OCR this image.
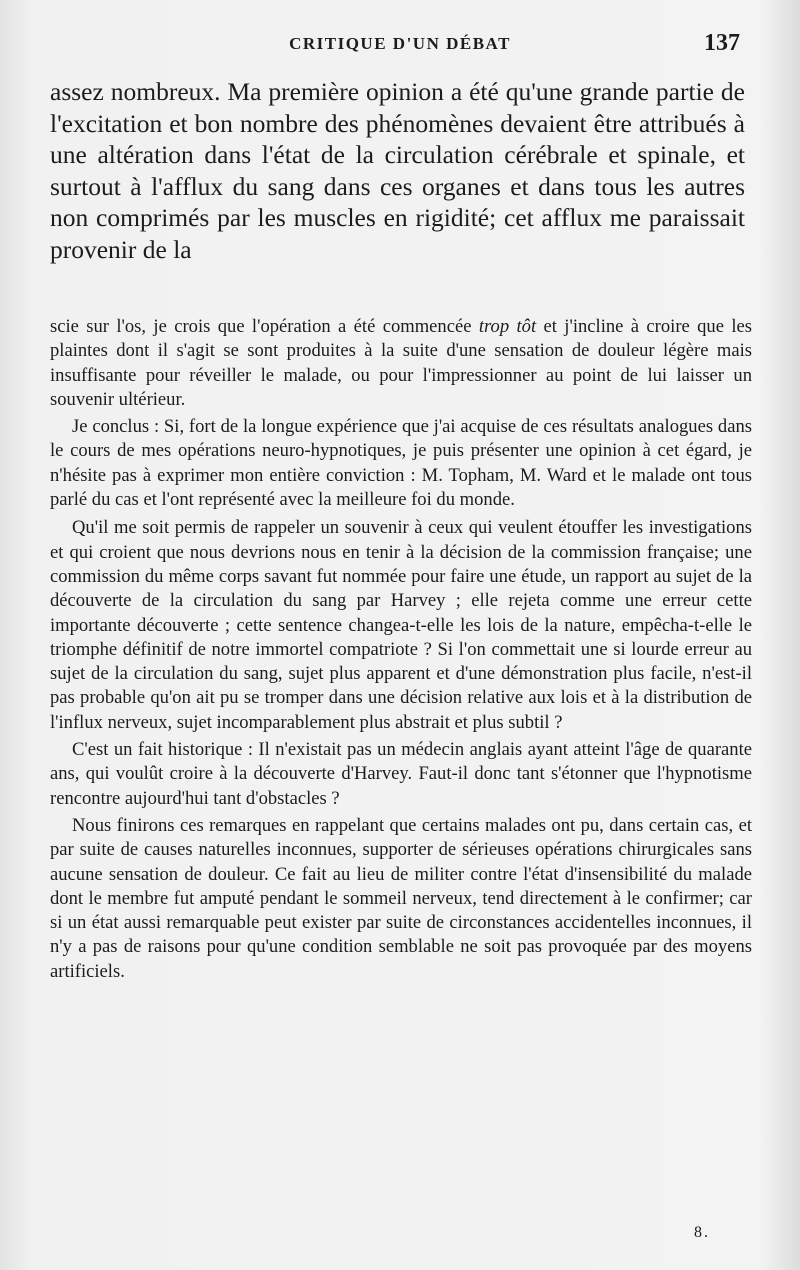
CRITIQUE D'UN DÉBAT	137

assez nombreux. Ma première opinion a été qu'une grande partie de l'excitation et bon nombre des phénomènes devaient être attribués à une altération dans l'état de la circulation cérébrale et spinale, et surtout à l'afflux du sang dans ces organes et dans tous les autres non comprimés par les muscles en rigidité; cet afflux me paraissait provenir de la

scie sur l'os, je crois que l'opération a été commencée trop tôt et j'incline à croire que les plaintes dont il s'agit se sont produites à la suite d'une sensation de douleur légère mais insuffisante pour réveiller le malade, ou pour l'impressionner au point de lui laisser un souvenir ultérieur.

Je conclus : Si, fort de la longue expérience que j'ai acquise de ces résultats analogues dans le cours de mes opérations neuro-hypnotiques, je puis présenter une opinion à cet égard, je n'hésite pas à exprimer mon entière conviction : M. Topham, M. Ward et le malade ont tous parlé du cas et l'ont représenté avec la meilleure foi du monde.

Qu'il me soit permis de rappeler un souvenir à ceux qui veulent étouffer les investigations et qui croient que nous devrions nous en tenir à la décision de la commission française; une commission du même corps savant fut nommée pour faire une étude, un rapport au sujet de la découverte de la circulation du sang par Harvey ; elle rejeta comme une erreur cette importante découverte ; cette sentence changea-t-elle les lois de la nature, empêcha-t-elle le triomphe définitif de notre immortel compatriote ? Si l'on commettait une si lourde erreur au sujet de la circulation du sang, sujet plus apparent et d'une démonstration plus facile, n'est-il pas probable qu'on ait pu se tromper dans une décision relative aux lois et à la distribution de l'influx nerveux, sujet incomparablement plus abstrait et plus subtil ?

C'est un fait historique : Il n'existait pas un médecin anglais ayant atteint l'âge de quarante ans, qui voulût croire à la découverte d'Harvey. Faut-il donc tant s'étonner que l'hypnotisme rencontre aujourd'hui tant d'obstacles ?

Nous finirons ces remarques en rappelant que certains malades ont pu, dans certain cas, et par suite de causes naturelles inconnues, supporter de sérieuses opérations chirurgicales sans aucune sensation de douleur. Ce fait au lieu de militer contre l'état d'insensibilité du malade dont le membre fut amputé pendant le sommeil nerveux, tend directement à le confirmer; car si un état aussi remarquable peut exister par suite de circonstances accidentelles inconnues, il n'y a pas de raisons pour qu'une condition semblable ne soit pas provoquée par des moyens artificiels.

8.
